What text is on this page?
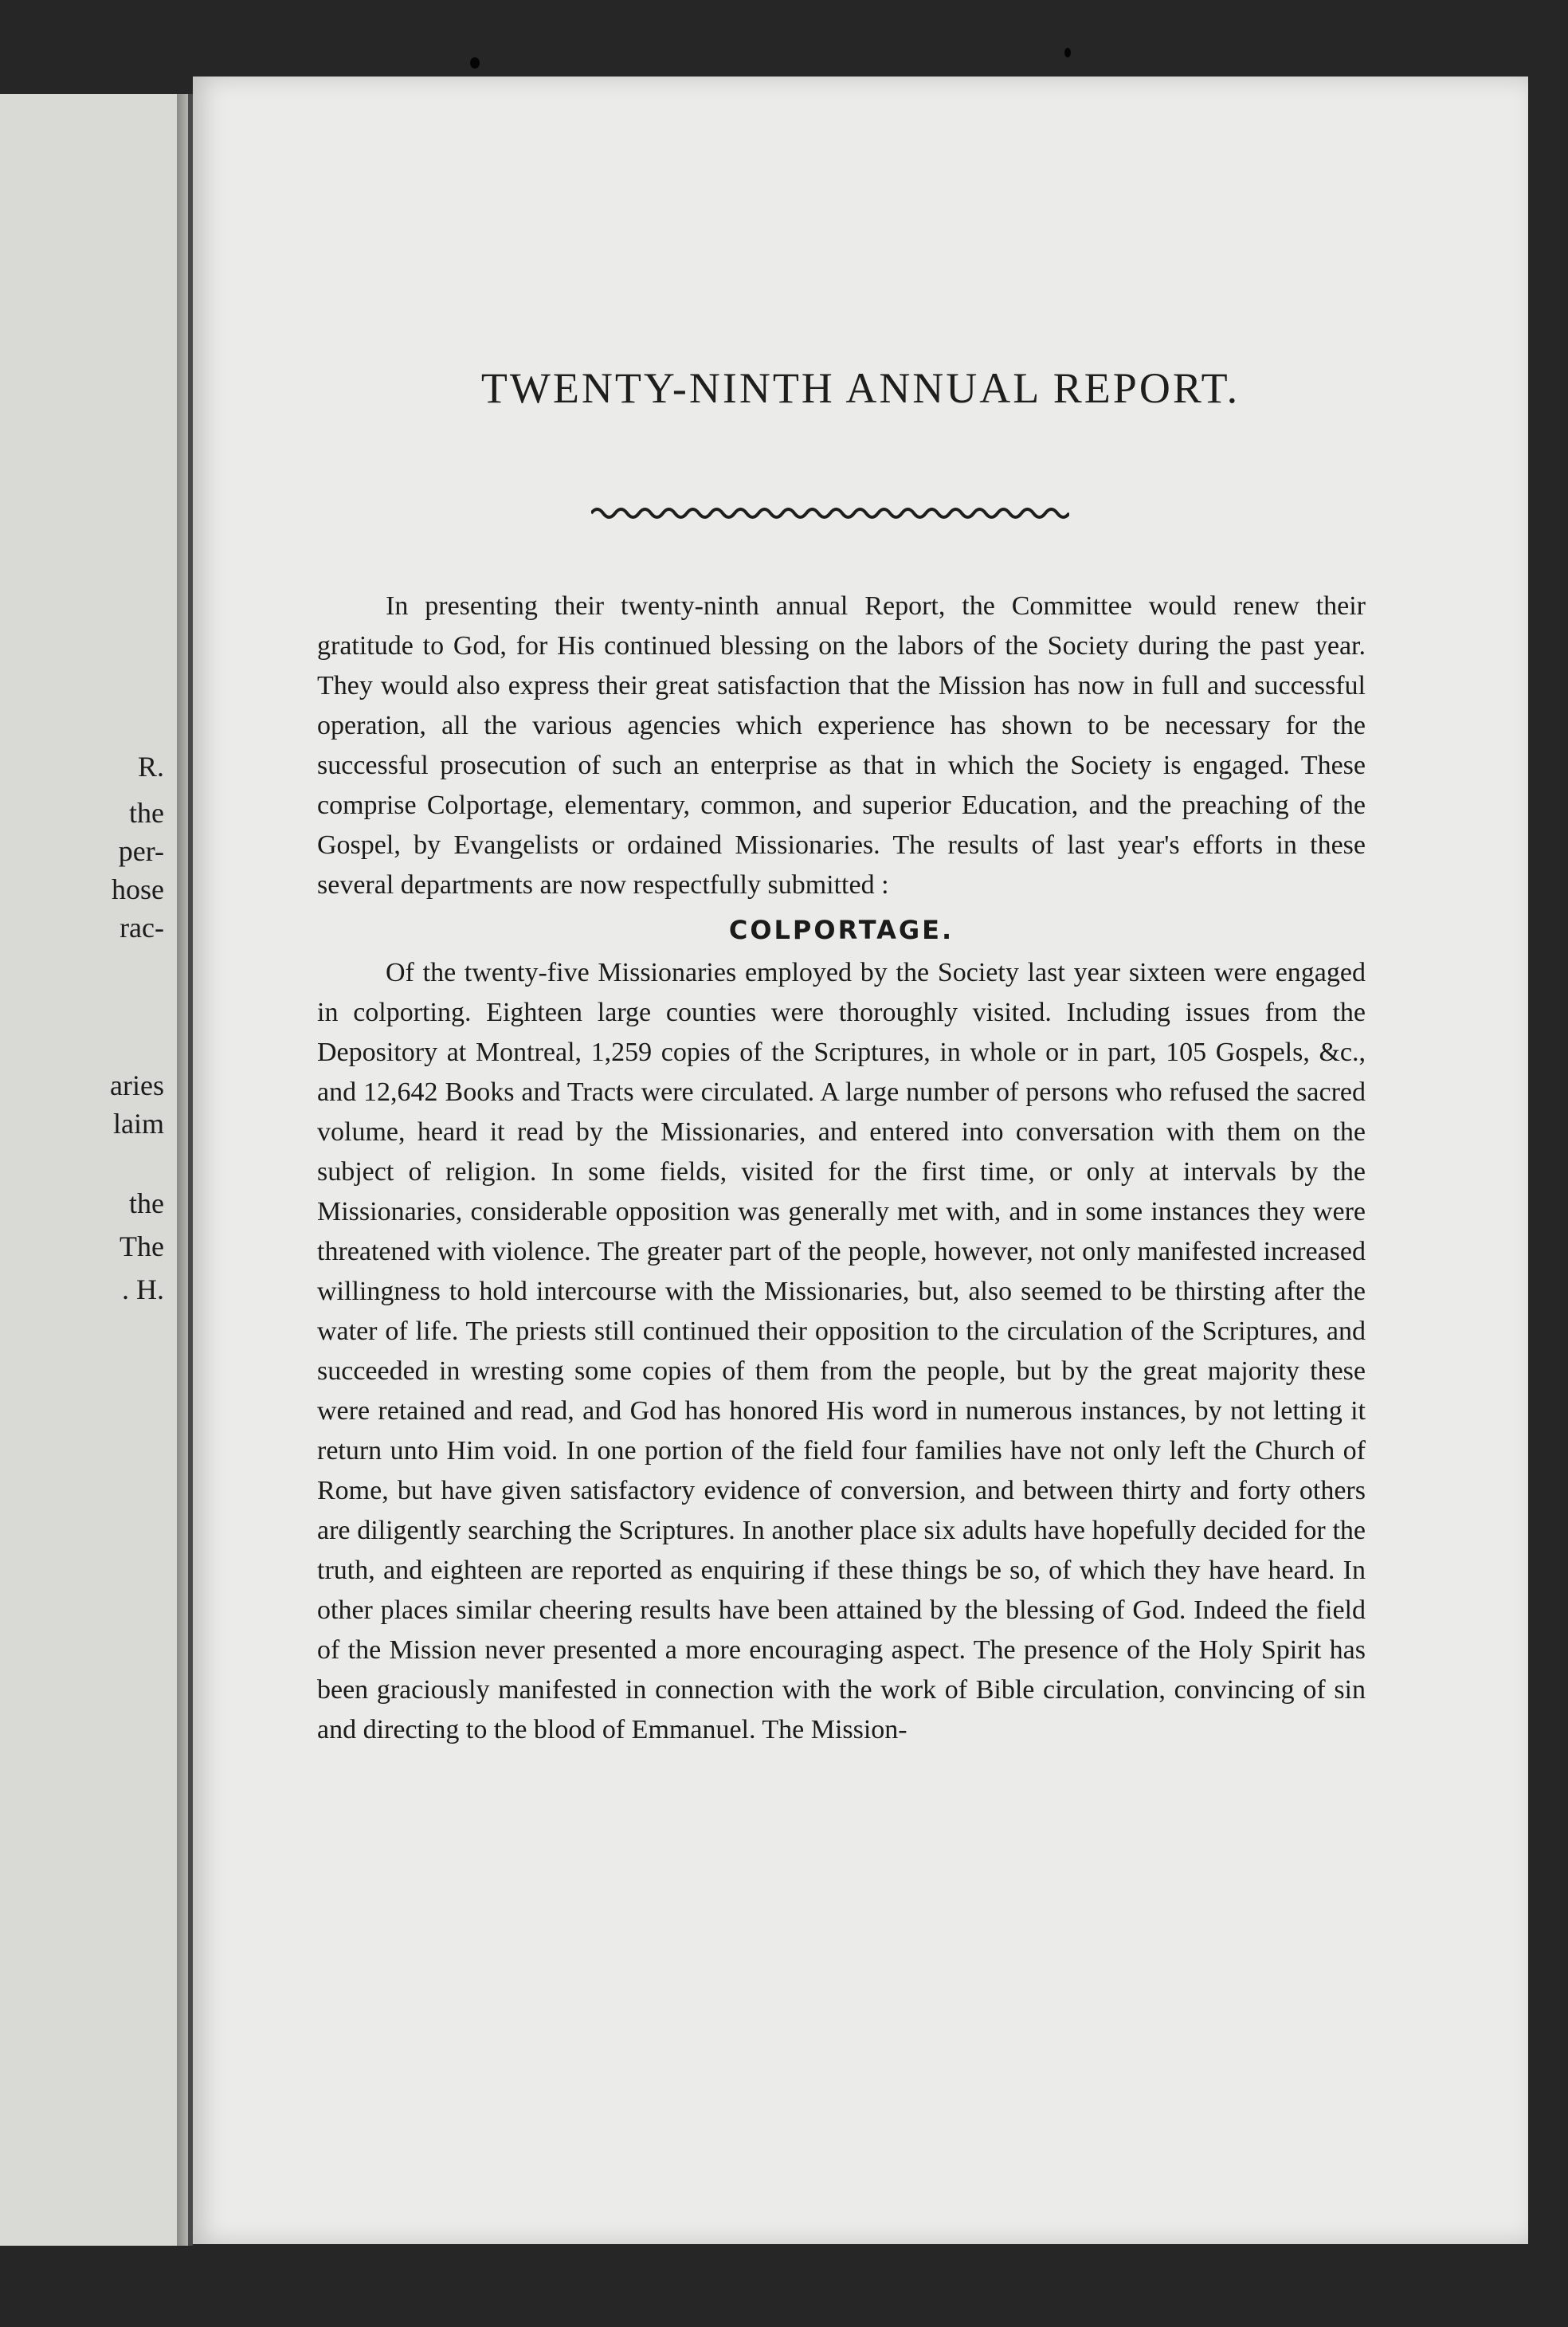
R.
the
per-
hose
rac-
aries
laim
the
The
. H.
TWENTY-NINTH ANNUAL REPORT.

In presenting their twenty-ninth annual Report, the Committee would renew their gratitude to God, for His continued blessing on the labors of the Society during the past year. They would also express their great satisfaction that the Mission has now in full and successful operation, all the various agencies which experience has shown to be necessary for the successful prosecution of such an enterprise as that in which the Society is engaged. These comprise Colportage, elementary, common, and superior Education, and the preaching of the Gospel, by Evangelists or ordained Missionaries. The results of last year's efforts in these several departments are now respectfully submitted :

COLPORTAGE.

Of the twenty-five Missionaries employed by the Society last year sixteen were engaged in colporting. Eighteen large counties were thoroughly visited. Including issues from the Depository at Montreal, 1,259 copies of the Scriptures, in whole or in part, 105 Gospels, &c., and 12,642 Books and Tracts were circulated. A large number of persons who refused the sacred volume, heard it read by the Missionaries, and entered into conversation with them on the subject of religion. In some fields, visited for the first time, or only at intervals by the Missionaries, considerable opposition was generally met with, and in some instances they were threatened with violence. The greater part of the people, however, not only manifested increased willingness to hold intercourse with the Missionaries, but, also seemed to be thirsting after the water of life. The priests still continued their opposition to the circulation of the Scriptures, and succeeded in wresting some copies of them from the people, but by the great majority these were retained and read, and God has honored His word in numerous instances, by not letting it return unto Him void. In one portion of the field four families have not only left the Church of Rome, but have given satisfactory evidence of conversion, and between thirty and forty others are diligently searching the Scriptures. In another place six adults have hopefully decided for the truth, and eighteen are reported as enquiring if these things be so, of which they have heard. In other places similar cheering results have been attained by the blessing of God. Indeed the field of the Mission never presented a more encouraging aspect. The presence of the Holy Spirit has been graciously manifested in connection with the work of Bible circulation, convincing of sin and directing to the blood of Emmanuel. The Mission-
